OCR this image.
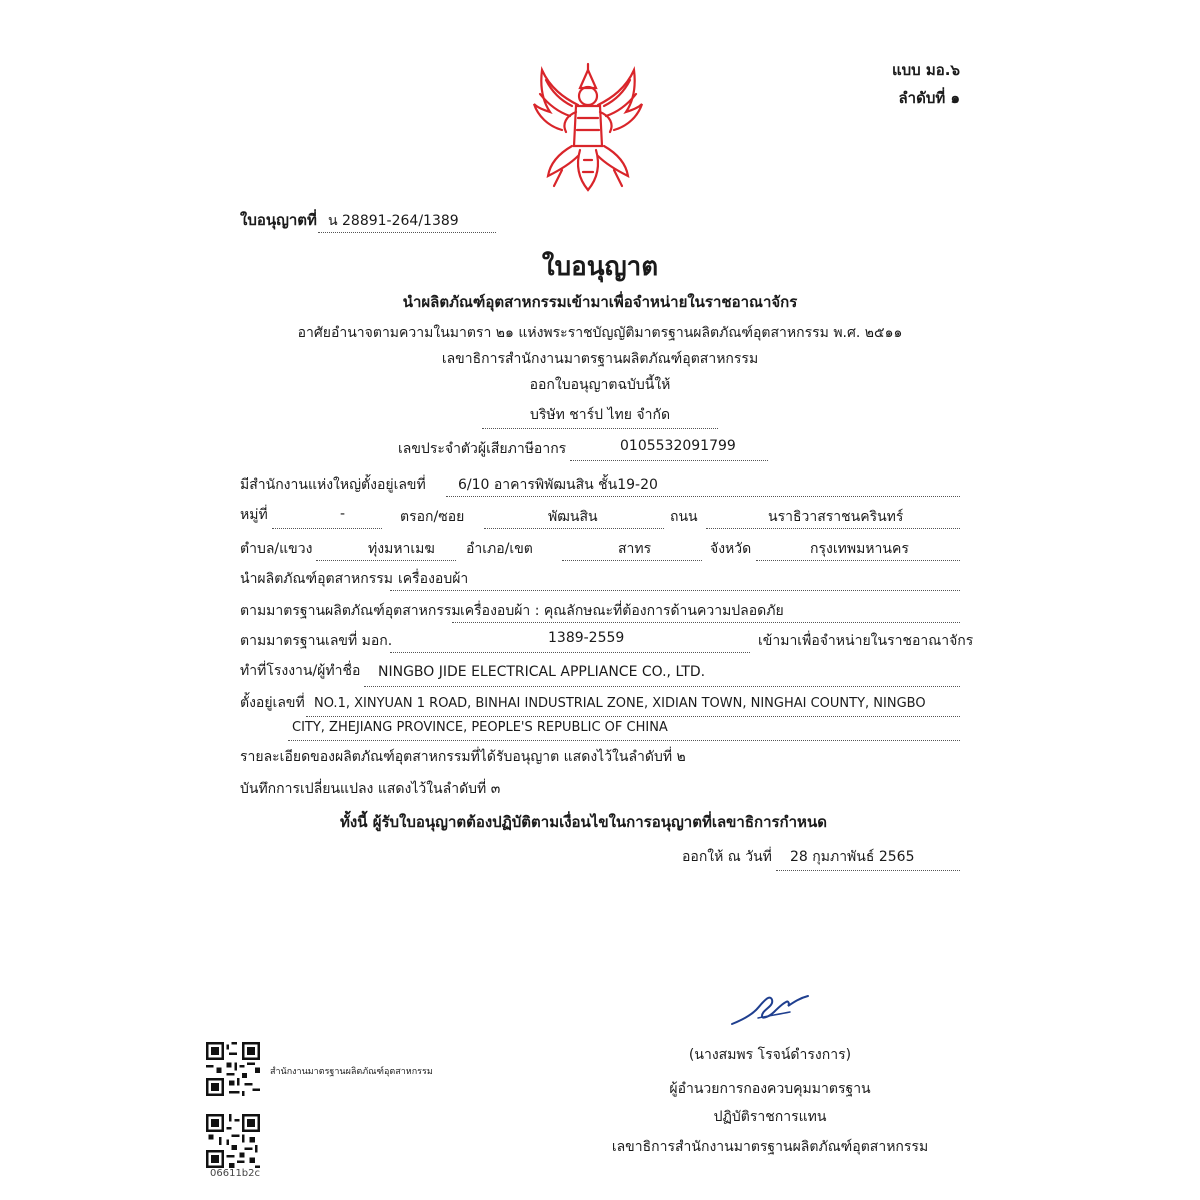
แบบ มอ.๖
ลำดับที่ ๑
ใบอนุญาตที่ น 28891-264/1389
ใบอนุญาต
นำผลิตภัณฑ์อุตสาหกรรมเข้ามาเพื่อจำหน่ายในราชอาณาจักร
อาศัยอำนาจตามความในมาตรา ๒๑ แห่งพระราชบัญญัติมาตรฐานผลิตภัณฑ์อุตสาหกรรม พ.ศ. ๒๕๑๑
เลขาธิการสำนักงานมาตรฐานผลิตภัณฑ์อุตสาหกรรม
ออกใบอนุญาตฉบับนี้ให้
บริษัท ชาร์ป ไทย จำกัด
เลขประจำตัวผู้เสียภาษีอากร	0105532091799
มีสำนักงานแห่งใหญ่ตั้งอยู่เลขที่ 6/10 อาคารพิพัฒนสิน ชั้น19-20
หมู่ที่	-	ตรอก/ซอย	พัฒนสิน	ถนน	นราธิวาสราชนครินทร์
ตำบล/แขวง	ทุ่งมหาเมฆ อำเภอ/เขต	สาทร	จังหวัด	กรุงเทพมหานคร
นำผลิตภัณฑ์อุตสาหกรรม เครื่องอบผ้า
ตามมาตรฐานผลิตภัณฑ์อุตสาหกรรม เครื่องอบผ้า : คุณลักษณะที่ต้องการด้านความปลอดภัย
ตามมาตรฐานเลขที่ มอก.	1389-2559	เข้ามาเพื่อจำหน่ายในราชอาณาจักร
ทำที่โรงงาน/ผู้ทำชื่อ NINGBO JIDE ELECTRICAL APPLIANCE CO., LTD.
ตั้งอยู่เลขที่ NO.1, XINYUAN 1 ROAD, BINHAI INDUSTRIAL ZONE, XIDIAN TOWN, NINGHAI COUNTY, NINGBO
CITY, ZHEJIANG PROVINCE, PEOPLE'S REPUBLIC OF CHINA
รายละเอียดของผลิตภัณฑ์อุตสาหกรรมที่ได้รับอนุญาต แสดงไว้ในลำดับที่ ๒
บันทึกการเปลี่ยนแปลง แสดงไว้ในลำดับที่ ๓
ทั้งนี้ ผู้รับใบอนุญาตต้องปฏิบัติตามเงื่อนไขในการอนุญาตที่เลขาธิการกำหนด
ออกให้ ณ วันที่ 28 กุมภาพันธ์ 2565
(นางสมพร โรจน์ดำรงการ)
ผู้อำนวยการกองควบคุมมาตรฐาน
ปฏิบัติราชการแทน
เลขาธิการสำนักงานมาตรฐานผลิตภัณฑ์อุตสาหกรรม
สำนักงานมาตรฐานผลิตภัณฑ์อุตสาหกรรม
06611b2c
